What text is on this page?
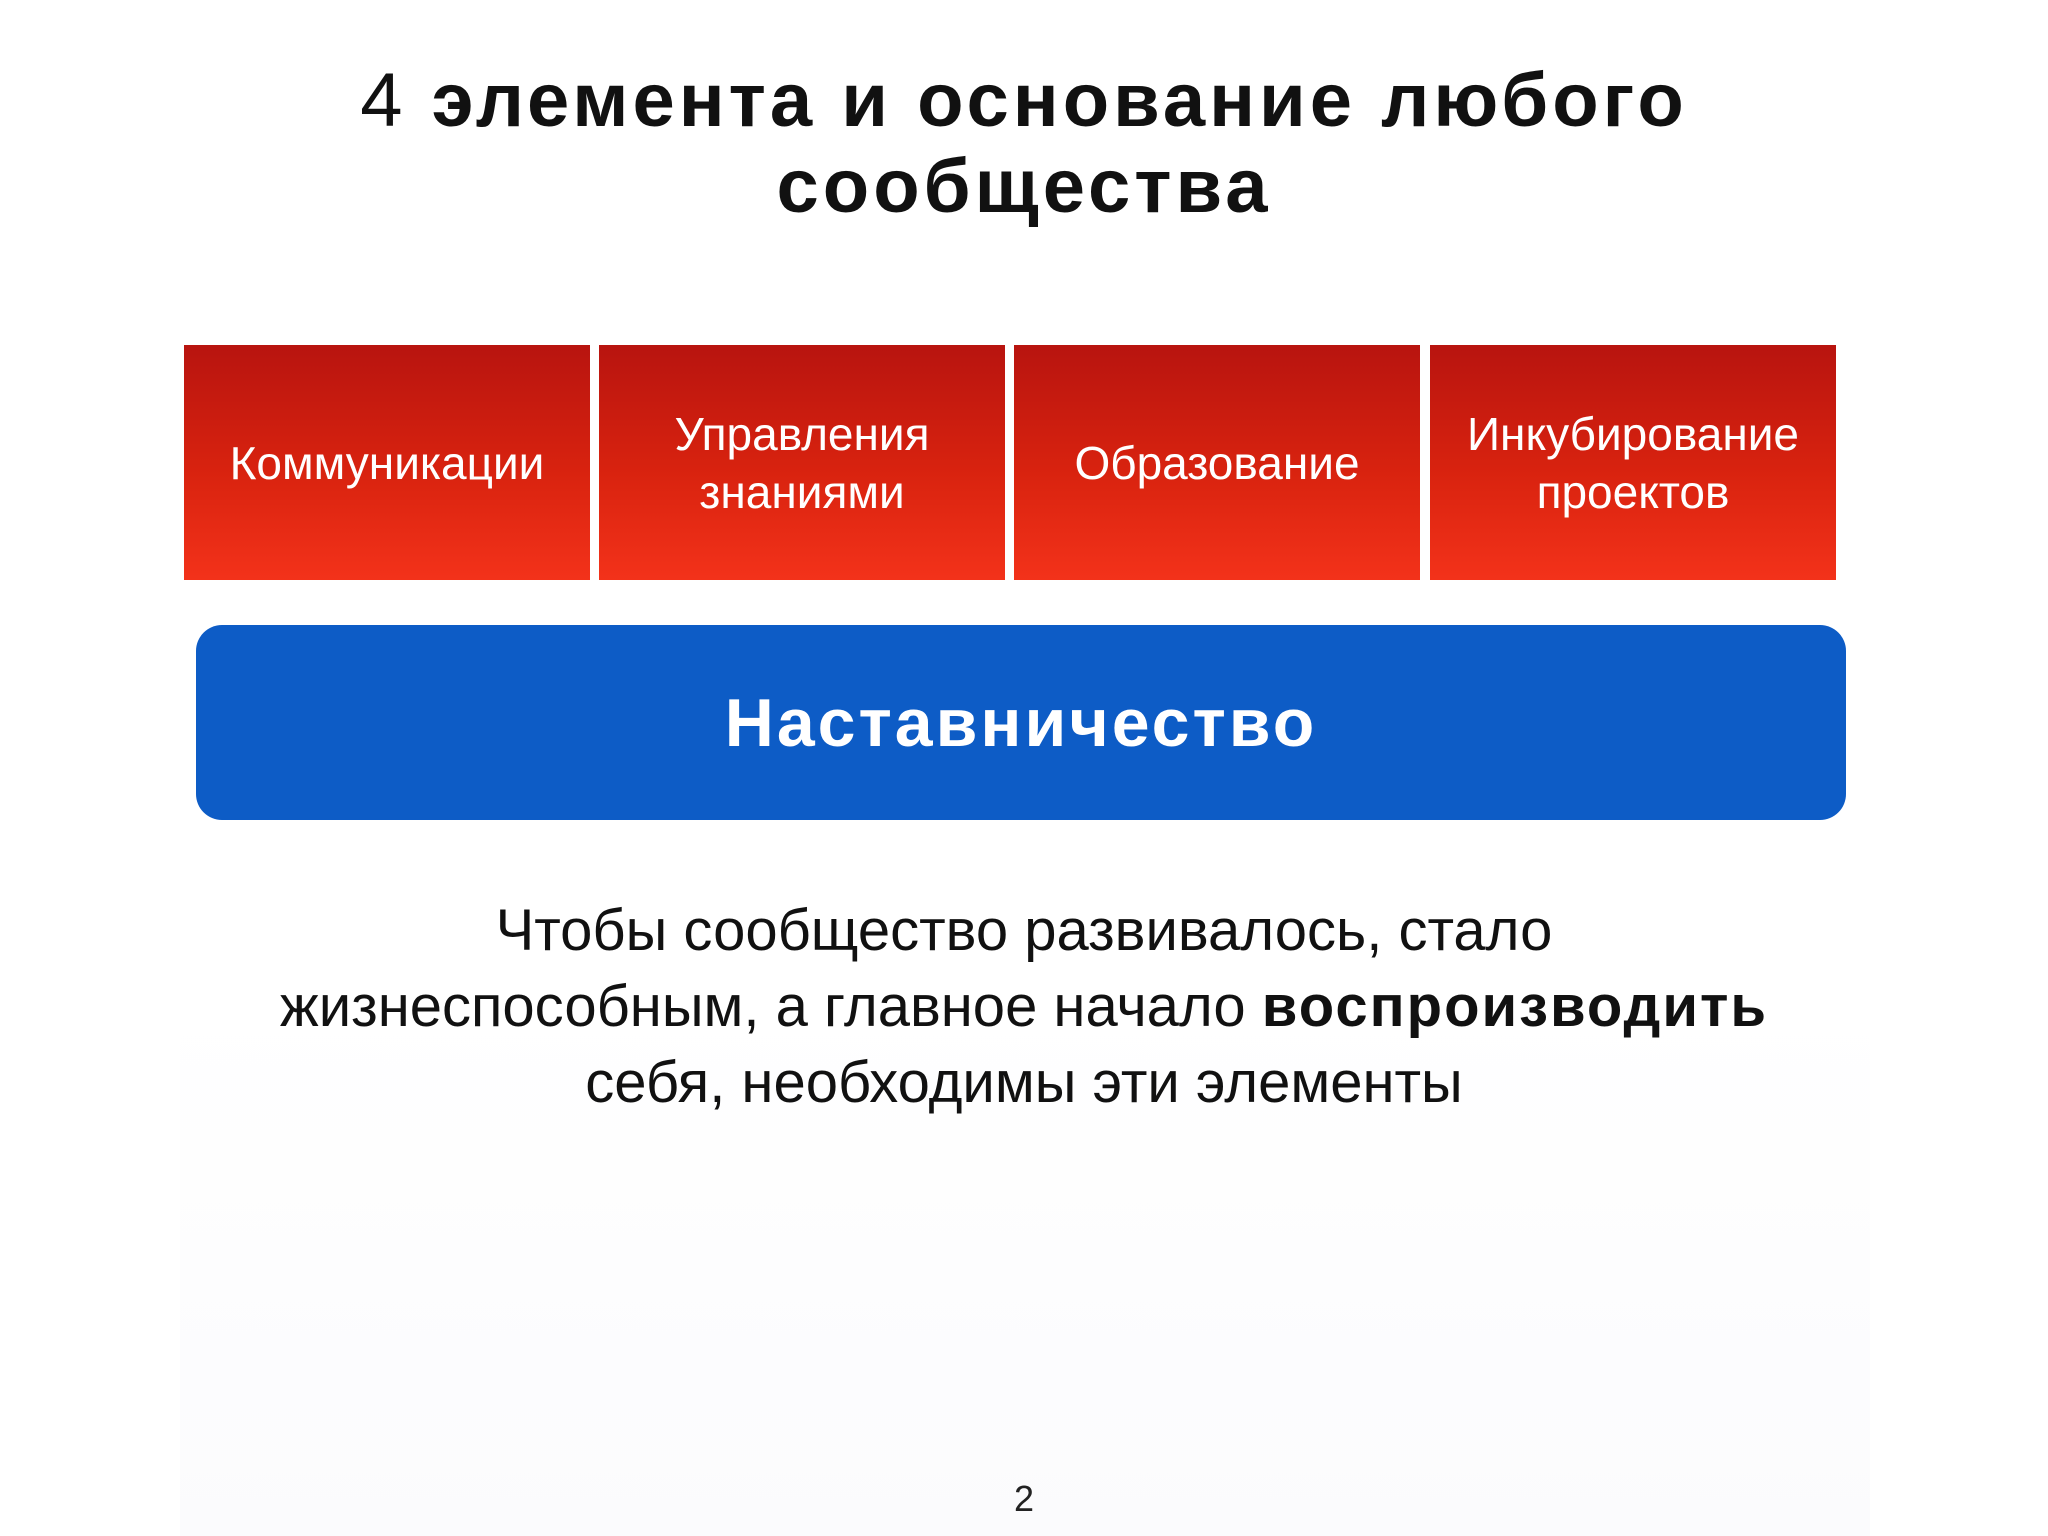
4 элемента и основание любого
сообщества
Коммуникации
Управления
знаниями
Образование
Инкубирование
проектов
Наставничество
Чтобы сообщество развивалось, стало
жизнеспособным, а главное начало воспроизводить
себя, необходимы эти элементы
2
